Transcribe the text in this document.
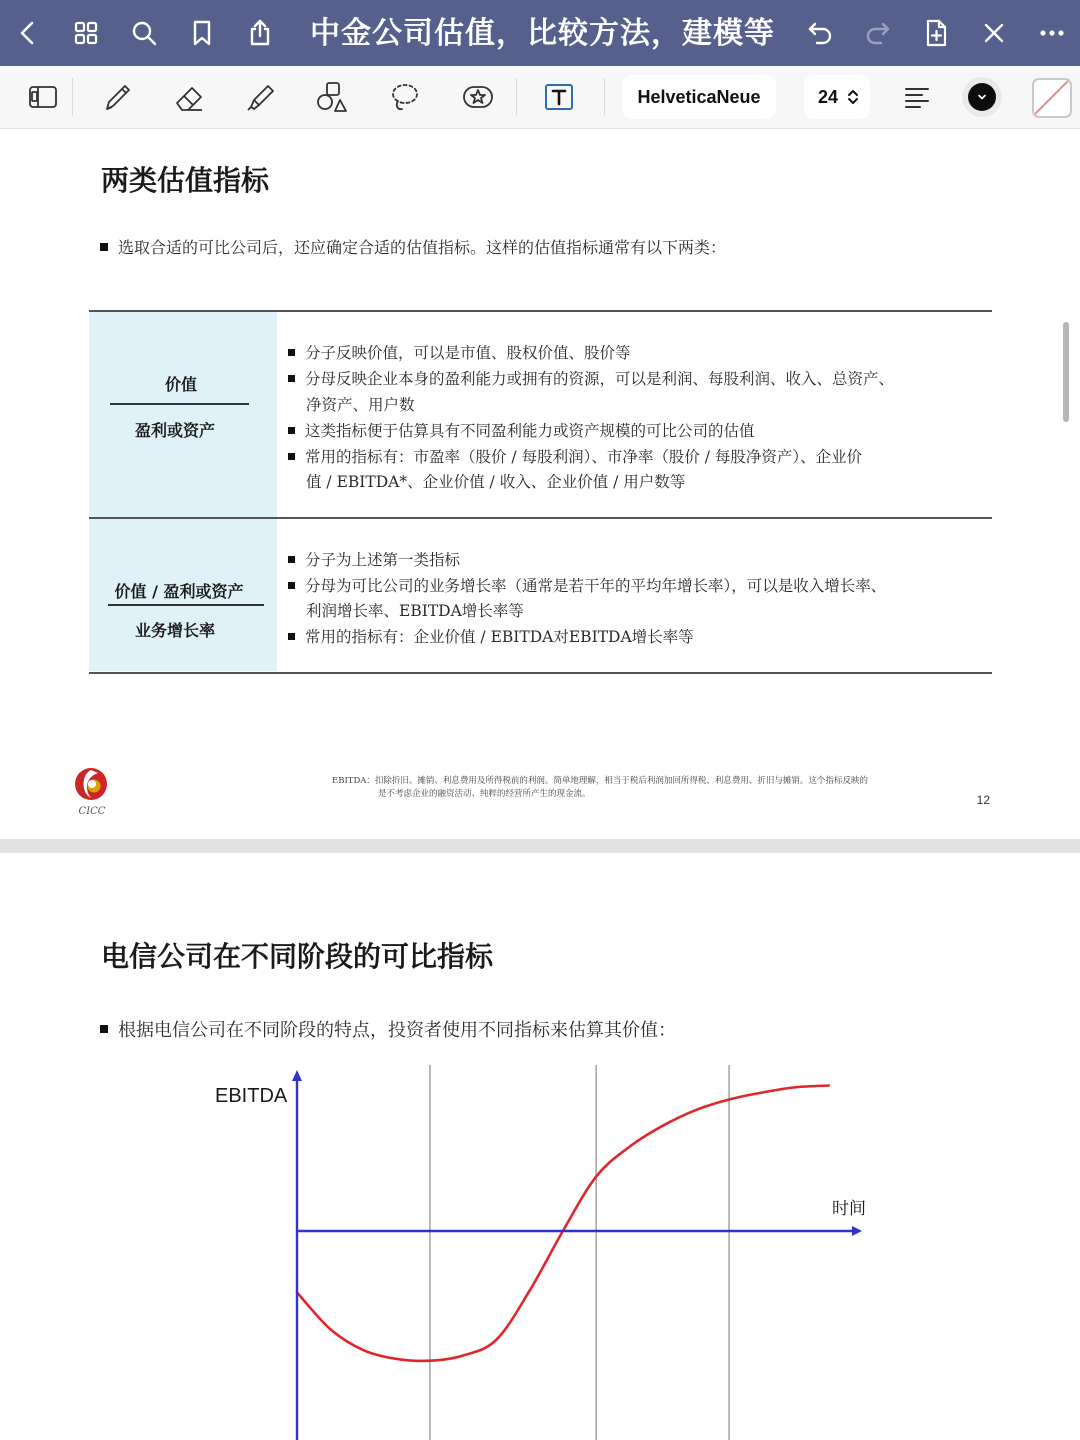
中金公司估值，比较方法，建模等
HelveticaNeue	24
两类估值指标
选取合适的可比公司后，还应确定合适的估值指标。这样的估值指标通常有以下两类：
价值
盈利或资产
分子反映价值，可以是市值、股权价值、股价等
分母反映企业本身的盈利能力或拥有的资源，可以是利润、每股利润、收入、总资产、
净资产、用户数
这类指标便于估算具有不同盈利能力或资产规模的可比公司的估值
常用的指标有：市盈率（股价 / 每股利润）、市净率（股价 / 每股净资产）、企业价
值 / EBITDA*、企业价值 / 收入、企业价值 / 用户数等
价值 / 盈利或资产
业务增长率
分子为上述第一类指标
分母为可比公司的业务增长率（通常是若干年的平均年增长率），可以是收入增长率、
利润增长率、EBITDA增长率等
常用的指标有：企业价值 / EBITDA对EBITDA增长率等
CICC
EBITDA：扣除折旧、摊销、利息费用及所得税前的利润。简单地理解，相当于税后利润加回所得税、利息费用、折旧与摊销。这个指标反映的
是不考虑企业的融资活动、纯粹的经营所产生的现金流。	12
电信公司在不同阶段的可比指标
根据电信公司在不同阶段的特点，投资者使用不同指标来估算其价值：
EBITDA
时间
